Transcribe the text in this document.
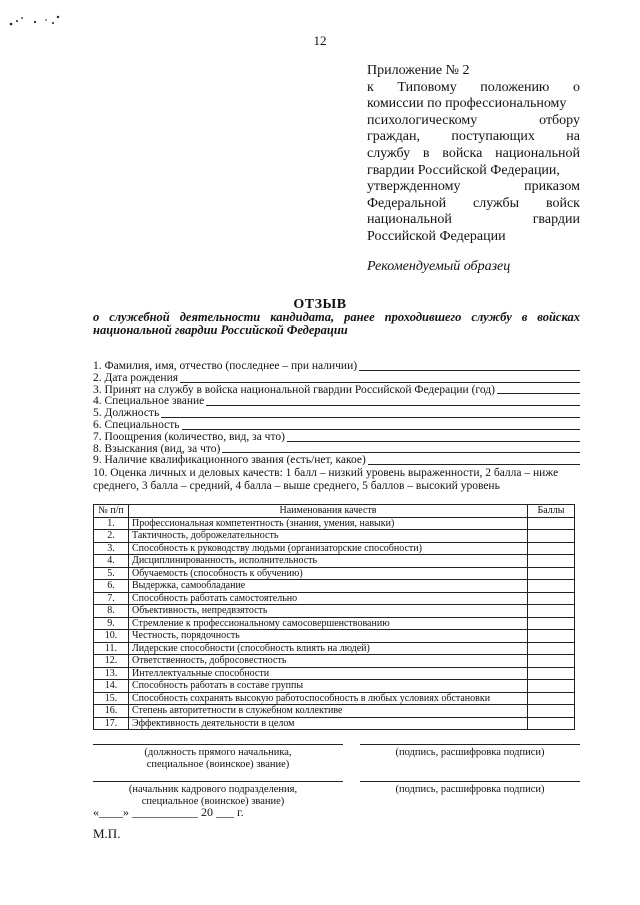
12
Приложение № 2
к Типовому положению о
комиссии по профессиональному
психологическому отбору
граждан, поступающих на
службу в войска национальной
гвардии Российской Федерации,
утвержденному приказом
Федеральной службы войск
национальной гвардии
Российской Федерации
Рекомендуемый образец
ОТЗЫВ
о служебной деятельности кандидата, ранее проходившего службу в войсках
национальной гвардии Российской Федерации
1. Фамилия, имя, отчество (последнее – при наличии)
2. Дата рождения
3. Принят на службу в войска национальной гвардии Российской Федерации (год)
4. Специальное звание
5. Должность
6. Специальность
7. Поощрения (количество, вид, за что)
8. Взыскания (вид, за что)
9. Наличие квалификационного звания (есть/нет, какое)
10. Оценка личных и деловых качеств: 1 балл – низкий уровень выраженности, 2 балла – ниже среднего, 3 балла – средний, 4 балла – выше среднего, 5 баллов – высокий уровень
№ п/п	Наименования качеств	Баллы
1.	Профессиональная компетентность (знания, умения, навыки)	
2.	Тактичность, доброжелательность	
3.	Способность к руководству людьми (организаторские способности)	
4.	Дисциплинированность, исполнительность	
5.	Обучаемость (способность к обучению)	
6.	Выдержка, самообладание	
7.	Способность работать самостоятельно	
8.	Объективность, непредвзятость	
9.	Стремление к профессиональному самосовершенствованию	
10.	Честность, порядочность	
11.	Лидерские способности (способность влиять на людей)	
12.	Ответственность, добросовестность	
13.	Интеллектуальные способности	
14.	Способность работать в составе группы	
15.	Способность сохранять высокую работоспособность в любых условиях обстановки	
16.	Степень авторитетности в служебном коллективе	
17.	Эффективность деятельности в целом	
(должность прямого начальника, специальное (воинское) звание)
(подпись, расшифровка подписи)
(начальник кадрового подразделения, специальное (воинское) звание)
(подпись, расшифровка подписи)
«____» ___________ 20 ___ г.
М.П.
